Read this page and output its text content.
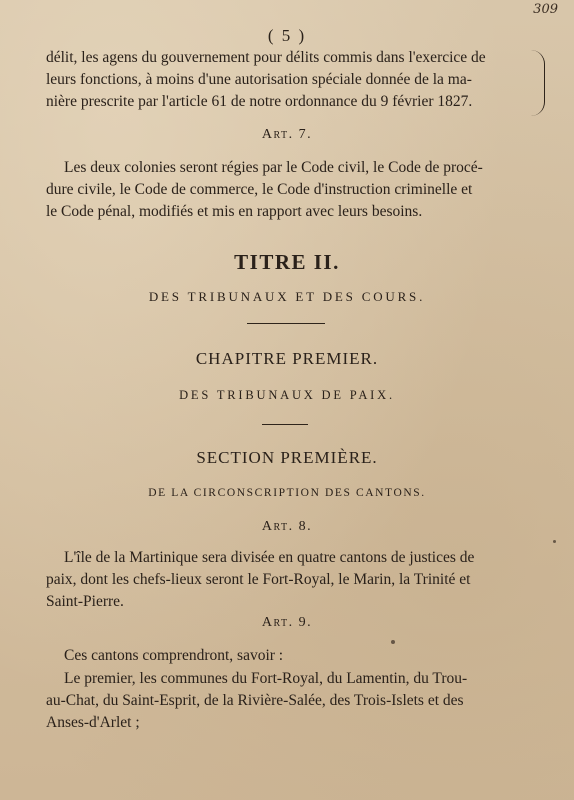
309
( 5 )

délit, les agens du gouvernement pour délits commis dans l'exercice de

leurs fonctions, à moins d'une autorisation spéciale donnée de la ma-

nière prescrite par l'article 61 de notre ordonnance du 9 février 1827.

Art. 7.

Les deux colonies seront régies par le Code civil, le Code de procé-

dure civile, le Code de commerce, le Code d'instruction criminelle et

le Code pénal, modifiés et mis en rapport avec leurs besoins.

TITRE II.
DES TRIBUNAUX ET DES COURS.
CHAPITRE PREMIER.
DES TRIBUNAUX DE PAIX.
SECTION PREMIÈRE.
DE LA CIRCONSCRIPTION DES CANTONS.
Art. 8.

L'île de la Martinique sera divisée en quatre cantons de justices de

paix, dont les chefs-lieux seront le Fort-Royal, le Marin, la Trinité et

Saint-Pierre.

Art. 9.

Ces cantons comprendront, savoir :

Le premier, les communes du Fort-Royal, du Lamentin, du Trou-

au-Chat, du Saint-Esprit, de la Rivière-Salée, des Trois-Islets et des

Anses-d'Arlet ;
